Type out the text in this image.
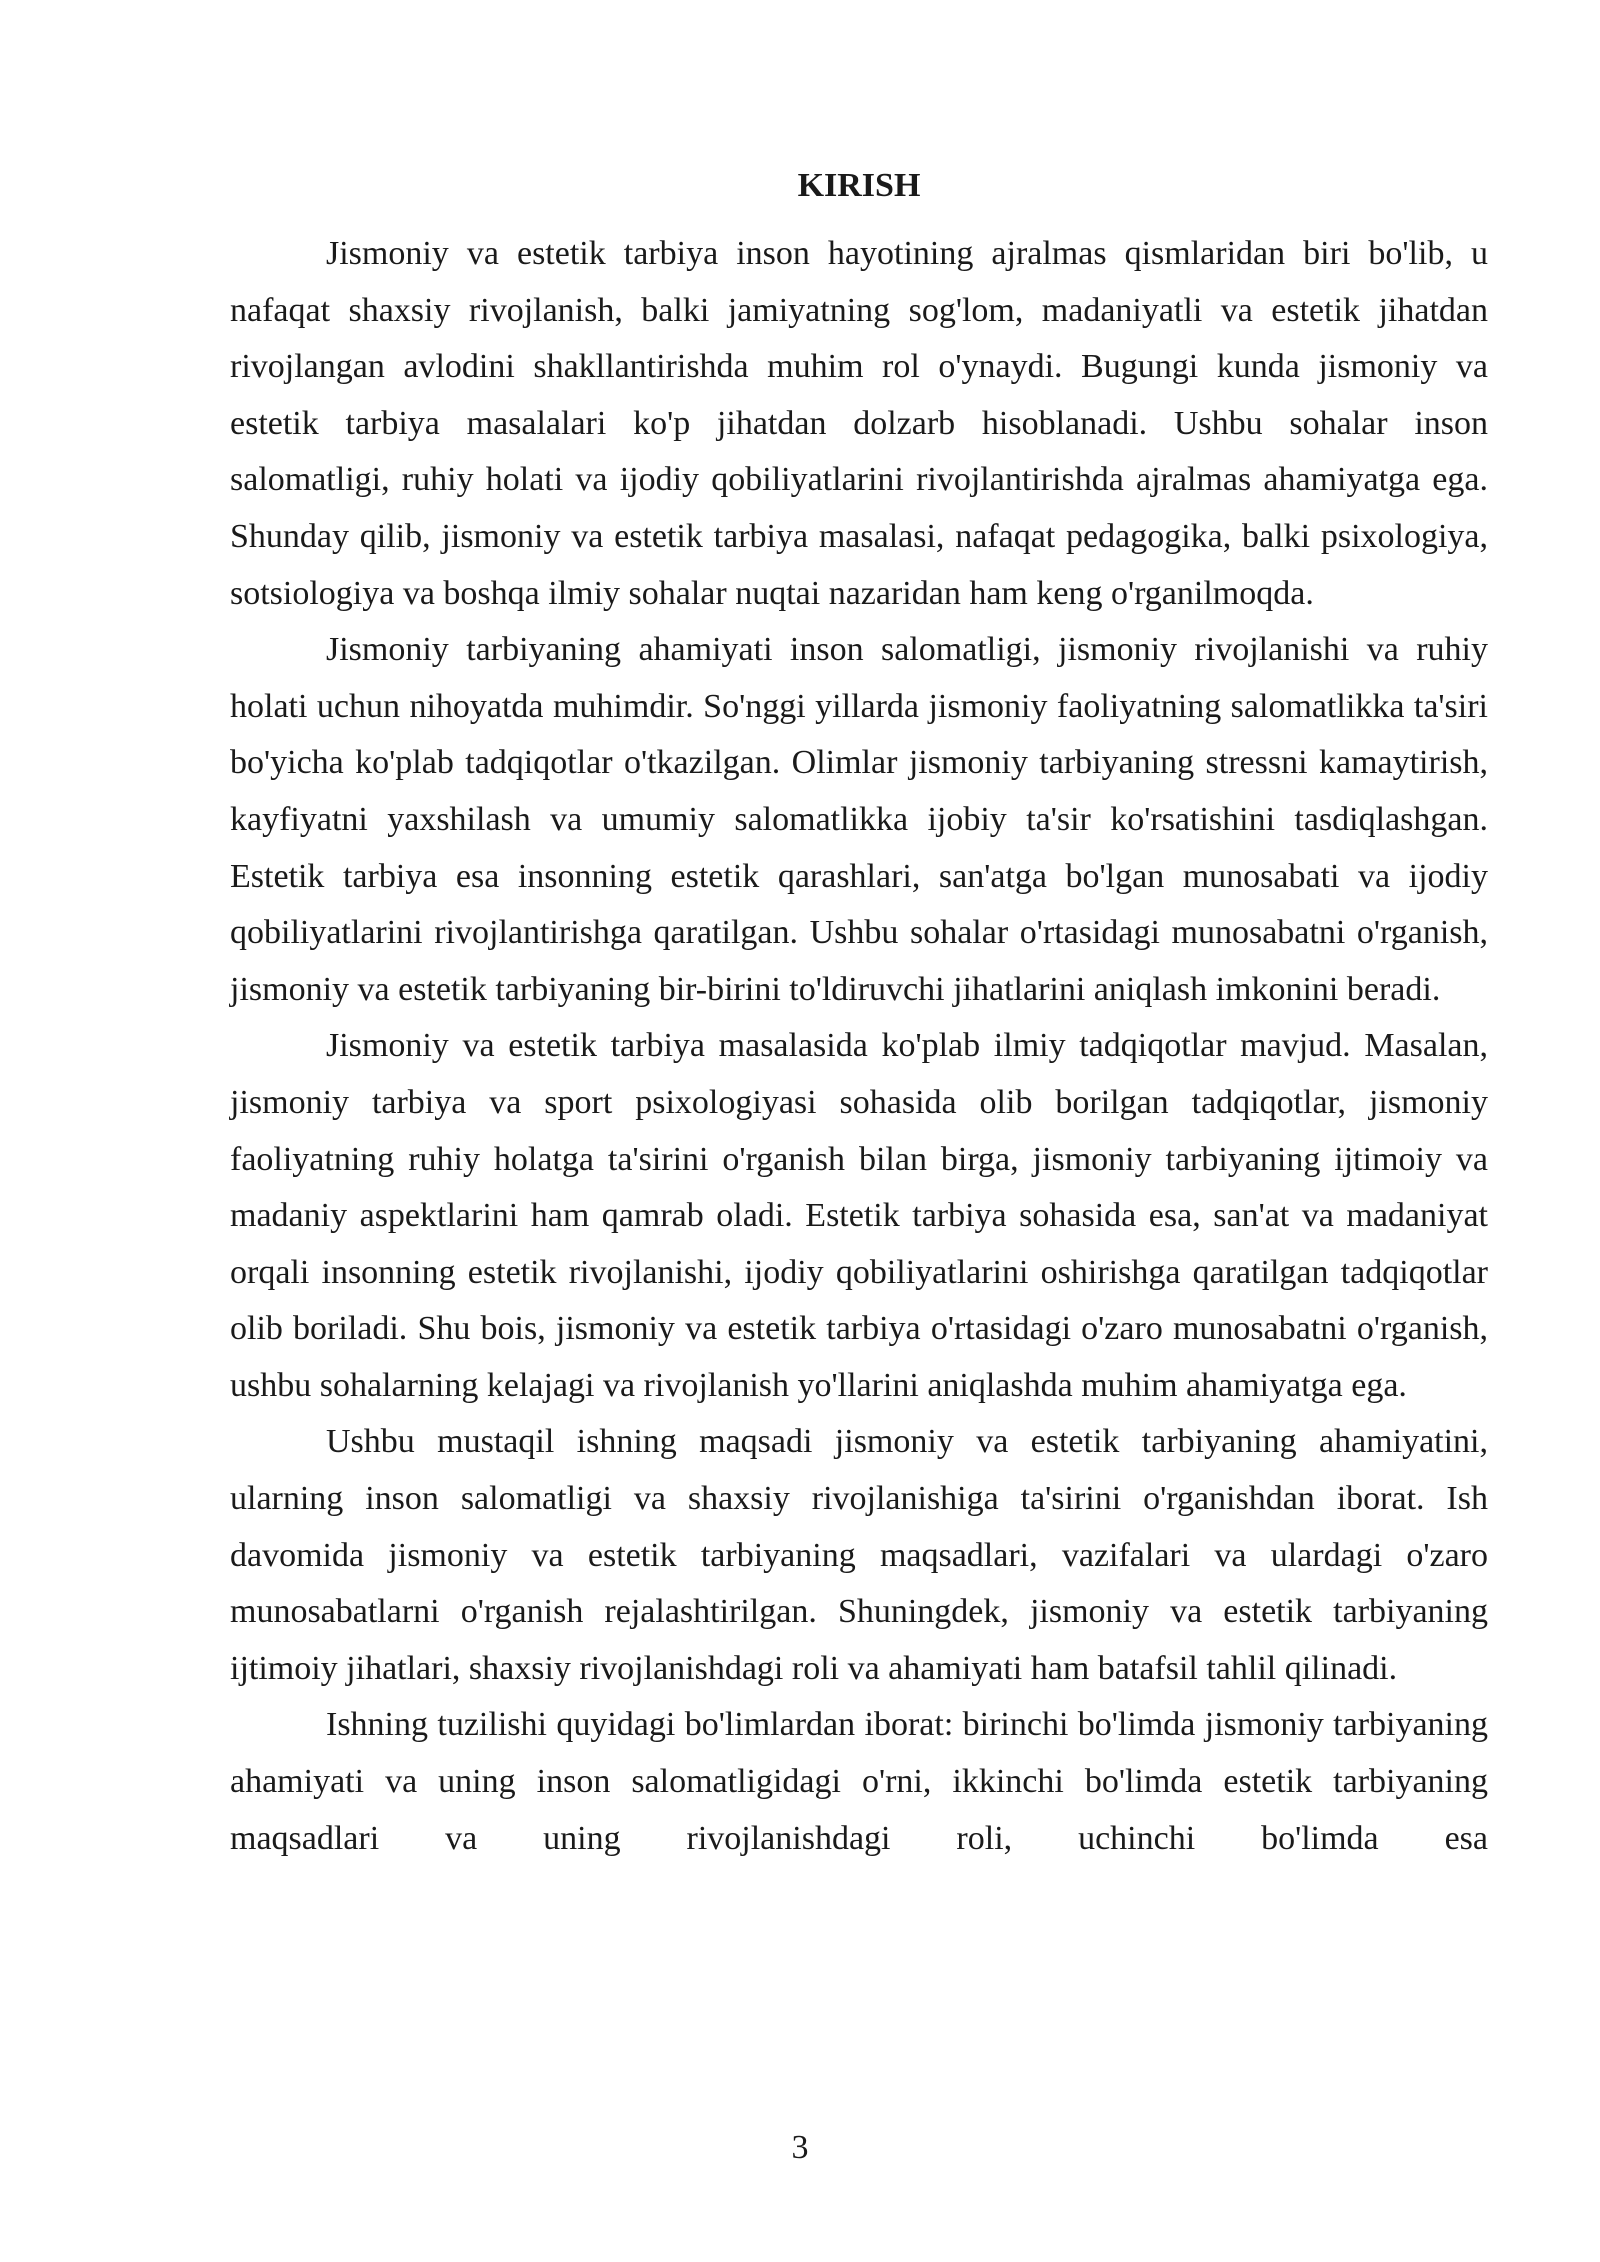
KIRISH

Jismoniy va estetik tarbiya inson hayotining ajralmas qismlaridan biri bo'lib, u nafaqat shaxsiy rivojlanish, balki jamiyatning sog'lom, madaniyatli va estetik jihatdan rivojlangan avlodini shakllantirishda muhim rol o'ynaydi. Bugungi kunda jismoniy va estetik tarbiya masalalari ko'p jihatdan dolzarb hisoblanadi. Ushbu sohalar inson salomatligi, ruhiy holati va ijodiy qobiliyatlarini rivojlantirishda ajralmas ahamiyatga ega. Shunday qilib, jismoniy va estetik tarbiya masalasi, nafaqat pedagogika, balki psixologiya, sotsiologiya va boshqa ilmiy sohalar nuqtai nazaridan ham keng o'rganilmoqda.

Jismoniy tarbiyaning ahamiyati inson salomatligi, jismoniy rivojlanishi va ruhiy holati uchun nihoyatda muhimdir. So'nggi yillarda jismoniy faoliyatning salomatlikka ta'siri bo'yicha ko'plab tadqiqotlar o'tkazilgan. Olimlar jismoniy tarbiyaning stressni kamaytirish, kayfiyatni yaxshilash va umumiy salomatlikka ijobiy ta'sir ko'rsatishini tasdiqlashgan. Estetik tarbiya esa insonning estetik qarashlari, san'atga bo'lgan munosabati va ijodiy qobiliyatlarini rivojlantirishga qaratilgan. Ushbu sohalar o'rtasidagi munosabatni o'rganish, jismoniy va estetik tarbiyaning bir-birini to'ldiruvchi jihatlarini aniqlash imkonini beradi.

Jismoniy va estetik tarbiya masalasida ko'plab ilmiy tadqiqotlar mavjud. Masalan, jismoniy tarbiya va sport psixologiyasi sohasida olib borilgan tadqiqotlar, jismoniy faoliyatning ruhiy holatga ta'sirini o'rganish bilan birga, jismoniy tarbiyaning ijtimoiy va madaniy aspektlarini ham qamrab oladi. Estetik tarbiya sohasida esa, san'at va madaniyat orqali insonning estetik rivojlanishi, ijodiy qobiliyatlarini oshirishga qaratilgan tadqiqotlar olib boriladi. Shu bois, jismoniy va estetik tarbiya o'rtasidagi o'zaro munosabatni o'rganish, ushbu sohalarning kelajagi va rivojlanish yo'llarini aniqlashda muhim ahamiyatga ega.

Ushbu mustaqil ishning maqsadi jismoniy va estetik tarbiyaning ahamiyatini, ularning inson salomatligi va shaxsiy rivojlanishiga ta'sirini o'rganishdan iborat. Ish davomida jismoniy va estetik tarbiyaning maqsadlari, vazifalari va ulardagi o'zaro munosabatlarni o'rganish rejalashtirilgan. Shuningdek, jismoniy va estetik tarbiyaning ijtimoiy jihatlari, shaxsiy rivojlanishdagi roli va ahamiyati ham batafsil tahlil qilinadi.

Ishning tuzilishi quyidagi bo'limlardan iborat: birinchi bo'limda jismoniy tarbiyaning ahamiyati va uning inson salomatligidagi o'rni, ikkinchi bo'limda estetik tarbiyaning maqsadlari va uning rivojlanishdagi roli, uchinchi bo'limda esa

3
